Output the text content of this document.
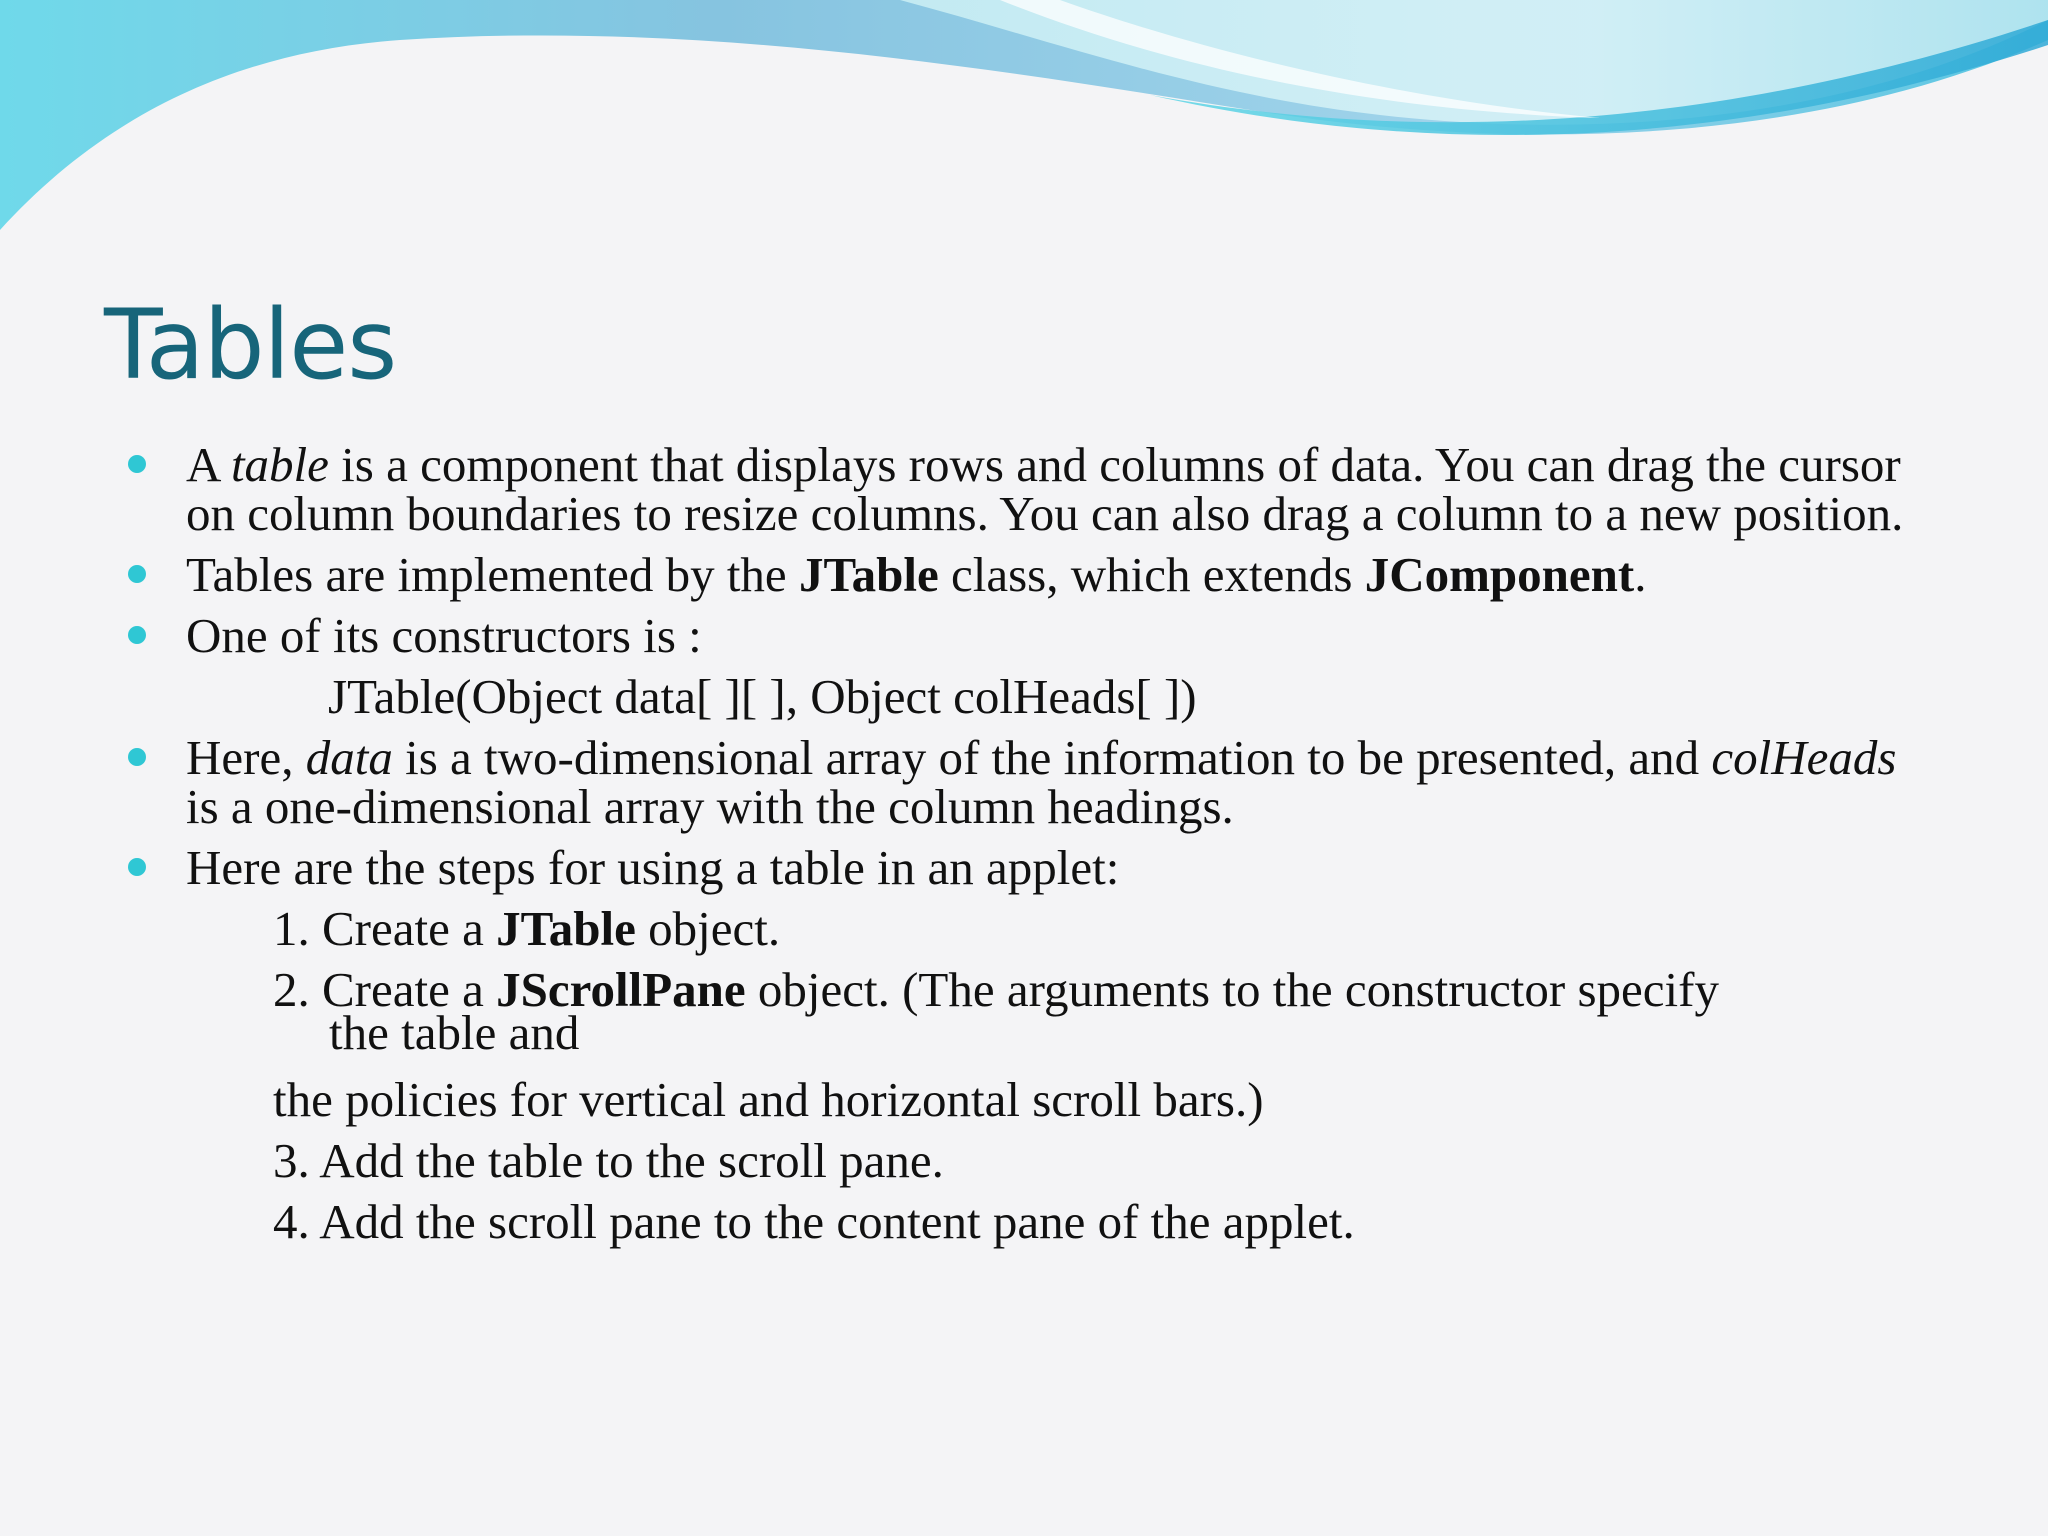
Tables
A table is a component that displays rows and columns of data. You can drag the cursor on column boundaries to resize columns. You can also drag a column to a new position.
Tables are implemented by the JTable class, which extends JComponent.
One of its constructors is :
JTable(Object data[ ][ ], Object colHeads[ ])
Here, data is a two-dimensional array of the information to be presented, and colHeads is a one-dimensional array with the column headings.
Here are the steps for using a table in an applet:
1. Create a JTable object.
2. Create a JScrollPane object. (The arguments to the constructor specify
the table and
the policies for vertical and horizontal scroll bars.)
3. Add the table to the scroll pane.
4. Add the scroll pane to the content pane of the applet.
